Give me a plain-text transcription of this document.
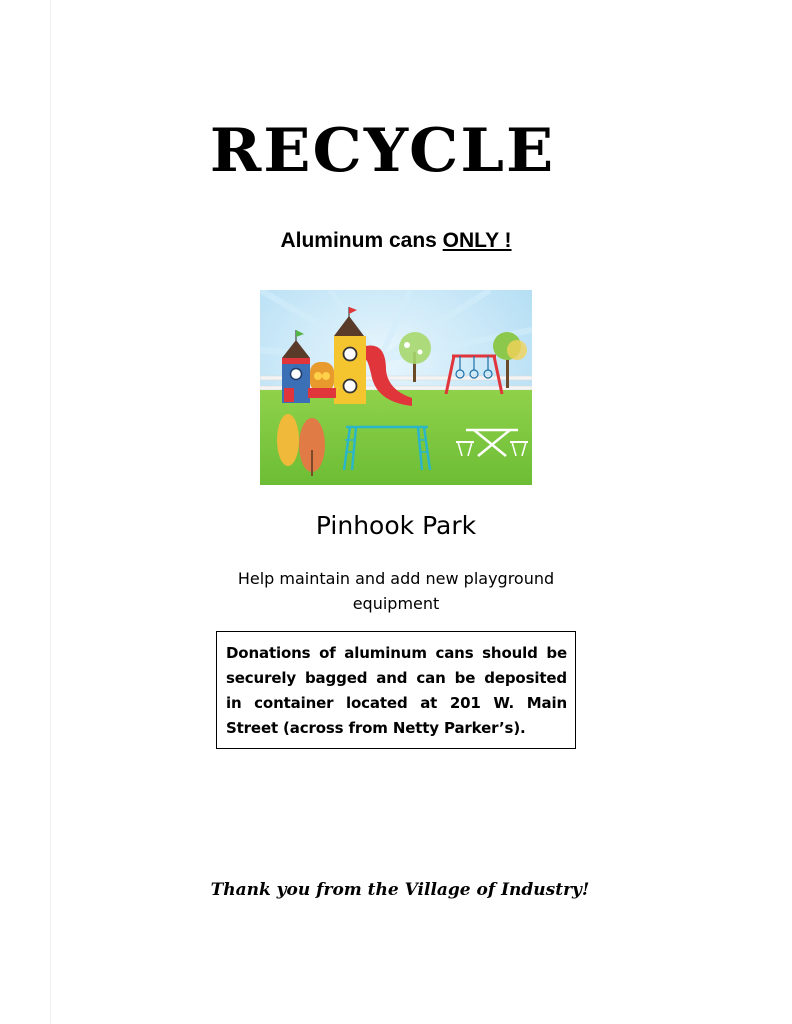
RECYCLE
Aluminum cans ONLY !
Pinhook Park
Help maintain and add new playground equipment

Donations of aluminum cans should be securely bagged and can be deposited in container located at 201 W. Main Street (across from Netty Parker’s).

Thank you from the Village of Industry!
